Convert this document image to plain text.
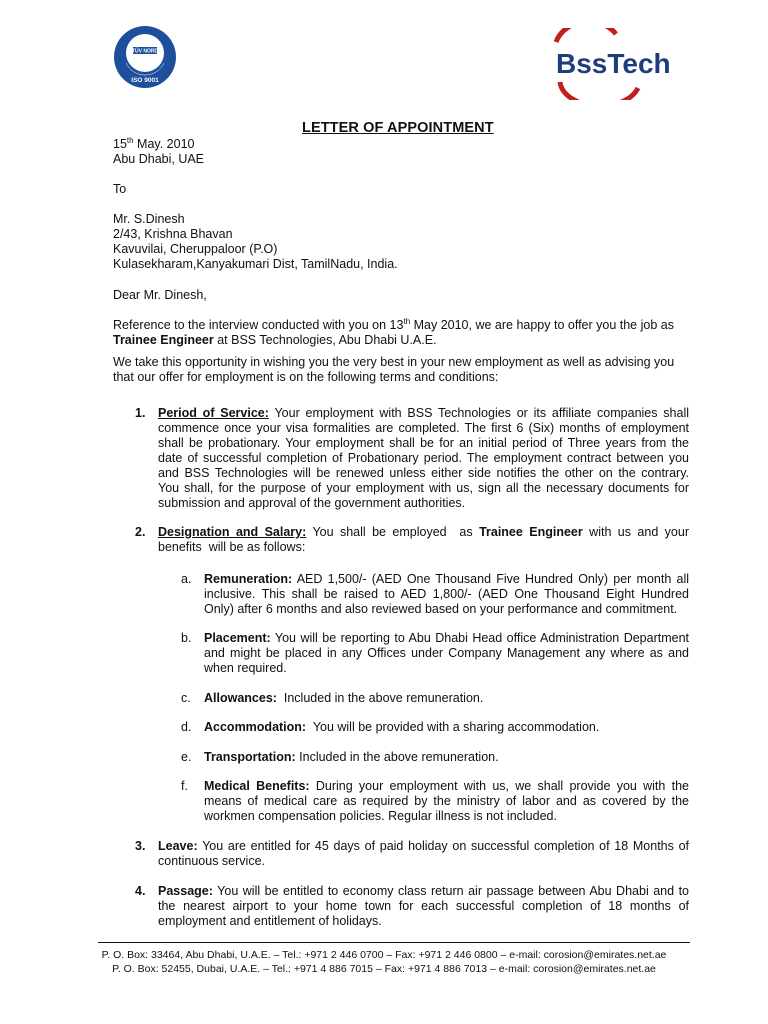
TÜV NORD
ISO 9001
BssTech
LETTER OF APPOINTMENT
15th May. 2010
Abu Dhabi, UAE
To
Mr. S.Dinesh
2/43, Krishna Bhavan
Kavuvilai, Cheruppaloor (P.O)
Kulasekharam,Kanyakumari Dist, TamilNadu, India.
Dear Mr. Dinesh,
Reference to the interview conducted with you on 13th May 2010, we are happy to offer you the job as
Trainee Engineer at BSS Technologies, Abu Dhabi U.A.E.
We take this opportunity in wishing you the very best in your new employment as well as advising you
that our offer for employment is on the following terms and conditions:
1. Period of Service: Your employment with BSS Technologies or its affiliate companies shall
commence once your visa formalities are completed. The first 6 (Six) months of employment
shall be probationary. Your employment shall be for an initial period of Three years from the
date of successful completion of Probationary period. The employment contract between you
and BSS Technologies will be renewed unless either side notifies the other on the contrary.
You shall, for the purpose of your employment with us, sign all the necessary documents for
submission and approval of the government authorities.
2. Designation and Salary: You shall be employed  as Trainee Engineer with us and your
benefits  will be as follows:
a. Remuneration: AED 1,500/- (AED One Thousand Five Hundred Only) per month all
inclusive. This shall be raised to AED 1,800/- (AED One Thousand Eight Hundred
Only) after 6 months and also reviewed based on your performance and commitment.
b. Placement: You will be reporting to Abu Dhabi Head office Administration Department
and might be placed in any Offices under Company Management any where as and
when required.
c. Allowances:  Included in the above remuneration.
d. Accommodation:  You will be provided with a sharing accommodation.
e. Transportation: Included in the above remuneration.
f. Medical Benefits: During your employment with us, we shall provide you with the
means of medical care as required by the ministry of labor and as covered by the
workmen compensation policies. Regular illness is not included.
3. Leave: You are entitled for 45 days of paid holiday on successful completion of 18 Months of
continuous service.
4. Passage: You will be entitled to economy class return air passage between Abu Dhabi and to
the nearest airport to your home town for each successful completion of 18 months of
employment and entitlement of holidays.
P. O. Box: 33464, Abu Dhabi, U.A.E. – Tel.: +971 2 446 0700 – Fax: +971 2 446 0800 – e-mail: corosion@emirates.net.ae
P. O. Box: 52455, Dubai, U.A.E. – Tel.: +971 4 886 7015 – Fax: +971 4 886 7013 – e-mail: corosion@emirates.net.ae
